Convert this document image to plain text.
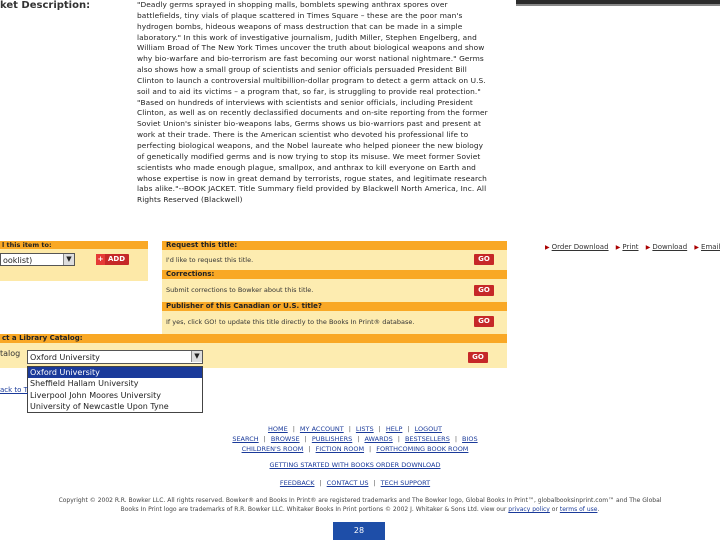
ket Description:	"Deadly germs sprayed in shopping malls, bomblets spewing anthrax spores over
battlefields, tiny vials of plaque scattered in Times Square – these are the poor man's
hydrogen bombs, hideous weapons of mass destruction that can be made in a simple
laboratory." In this work of investigative journalism, Judith Miller, Stephen Engelberg, and
William Broad of The New York Times uncover the truth about biological weapons and show
why bio-warfare and bio-terrorism are fast becoming our worst national nightmare." Germs
also shows how a small group of scientists and senior officials persuaded President Bill
Clinton to launch a controversial multibillion-dollar program to detect a germ attack on U.S.
soil and to aid its victims – a program that, so far, is struggling to provide real protection."
"Based on hundreds of interviews with scientists and senior officials, including President
Clinton, as well as on recently declassified documents and on-site reporting from the former
Soviet Union's sinister bio-weapons labs, Germs shows us bio-warriors past and present at
work at their trade. There is the American scientist who devoted his professional life to
perfecting biological weapons, and the Nobel laureate who helped pioneer the new biology
of genetically modified germs and is now trying to stop its misuse. We meet former Soviet
scientists who made enough plague, smallpox, and anthrax to kill everyone on Earth and
whose expertise is now in great demand by terrorists, rogue states, and legitimate research
labs alike."--BOOK JACKET. Title Summary field provided by Blackwell North America, Inc. All
Rights Reserved (Blackwell)
l this item to:
ooklist)	▼	+ ADD
Request this title:
I'd like to request this title.	GO
Corrections:
Submit corrections to Bowker about this title.	GO
Publisher of this Canadian or U.S. title?
If yes, click GO! to update this title directly to the Books In Print® database.	GO
▶ Order Download ▶ Print ▶ Download ▶ Email
ct a Library Catalog:
talog	Oxford University	▼	GO
Oxford University
Sheffield Hallam University
Liverpool John Moores University
University of Newcastle Upon Tyne
ack to T
HOME | MY ACCOUNT | LISTS | HELP | LOGOUT
SEARCH | BROWSE | PUBLISHERS | AWARDS | BESTSELLERS | BIOS
CHILDREN'S ROOM | FICTION ROOM | FORTHCOMING BOOK ROOM
GETTING STARTED WITH BOOKS ORDER DOWNLOAD
FEEDBACK | CONTACT US | TECH SUPPORT
Copyright © 2002 R.R. Bowker LLC. All rights reserved. Bowker® and Books In Print® are registered trademarks and The Bowker logo, Global Books In Print™, globalbooksinprint.com™ and The Global
Books In Print logo are trademarks of R.R. Bowker LLC. Whitaker Books In Print portions © 2002 J. Whitaker & Sons Ltd. view our privacy policy or terms of use.
28
